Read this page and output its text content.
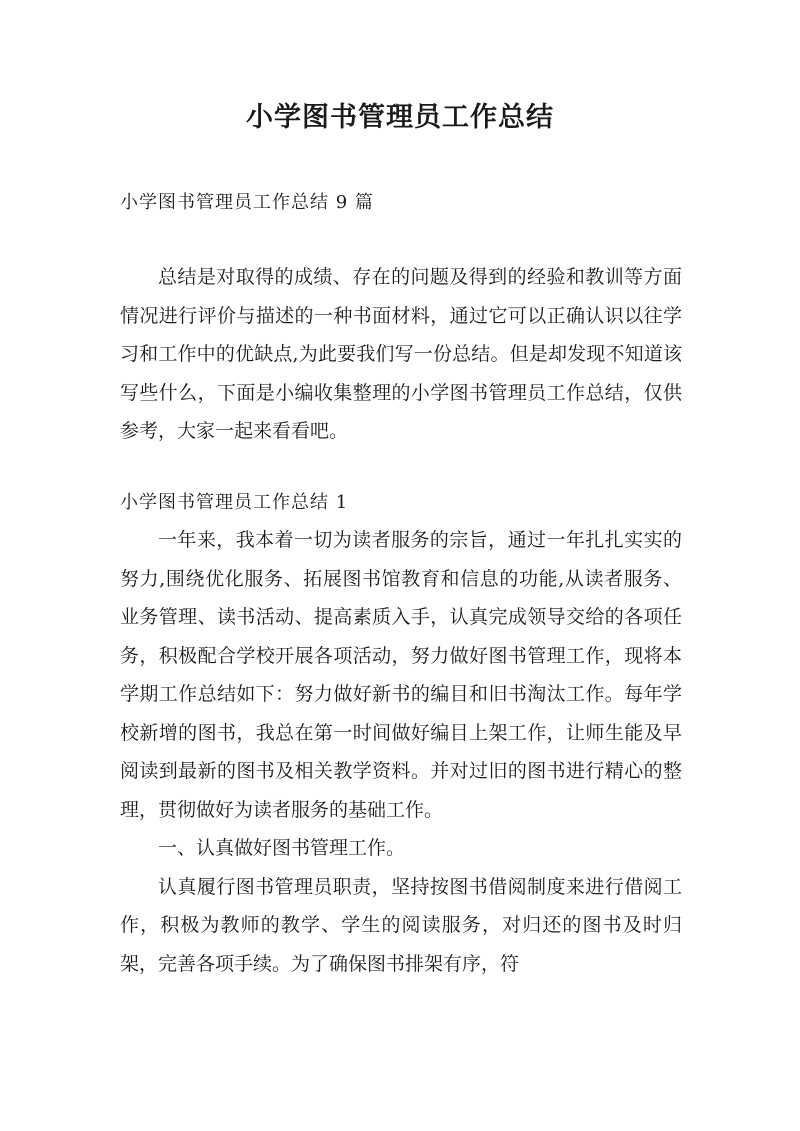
小学图书管理员工作总结
小学图书管理员工作总结 9 篇

总结是对取得的成绩、存在的问题及得到的经验和教训等方面情况进行评价与描述的一种书面材料，通过它可以正确认识以往学习和工作中的优缺点,为此要我们写一份总结。但是却发现不知道该写些什么，下面是小编收集整理的小学图书管理员工作总结，仅供参考，大家一起来看看吧。

小学图书管理员工作总结 1

一年来，我本着一切为读者服务的宗旨，通过一年扎扎实实的努力,围绕优化服务、拓展图书馆教育和信息的功能,从读者服务、业务管理、读书活动、提高素质入手，认真完成领导交给的各项任务，积极配合学校开展各项活动，努力做好图书管理工作，现将本学期工作总结如下：努力做好新书的编目和旧书淘汰工作。每年学校新增的图书，我总在第一时间做好编目上架工作，让师生能及早阅读到最新的图书及相关教学资料。并对过旧的图书进行精心的整理，贯彻做好为读者服务的基础工作。

一、认真做好图书管理工作。

认真履行图书管理员职责，坚持按图书借阅制度来进行借阅工作，积极为教师的教学、学生的阅读服务，对归还的图书及时归架，完善各项手续。为了确保图书排架有序，符
